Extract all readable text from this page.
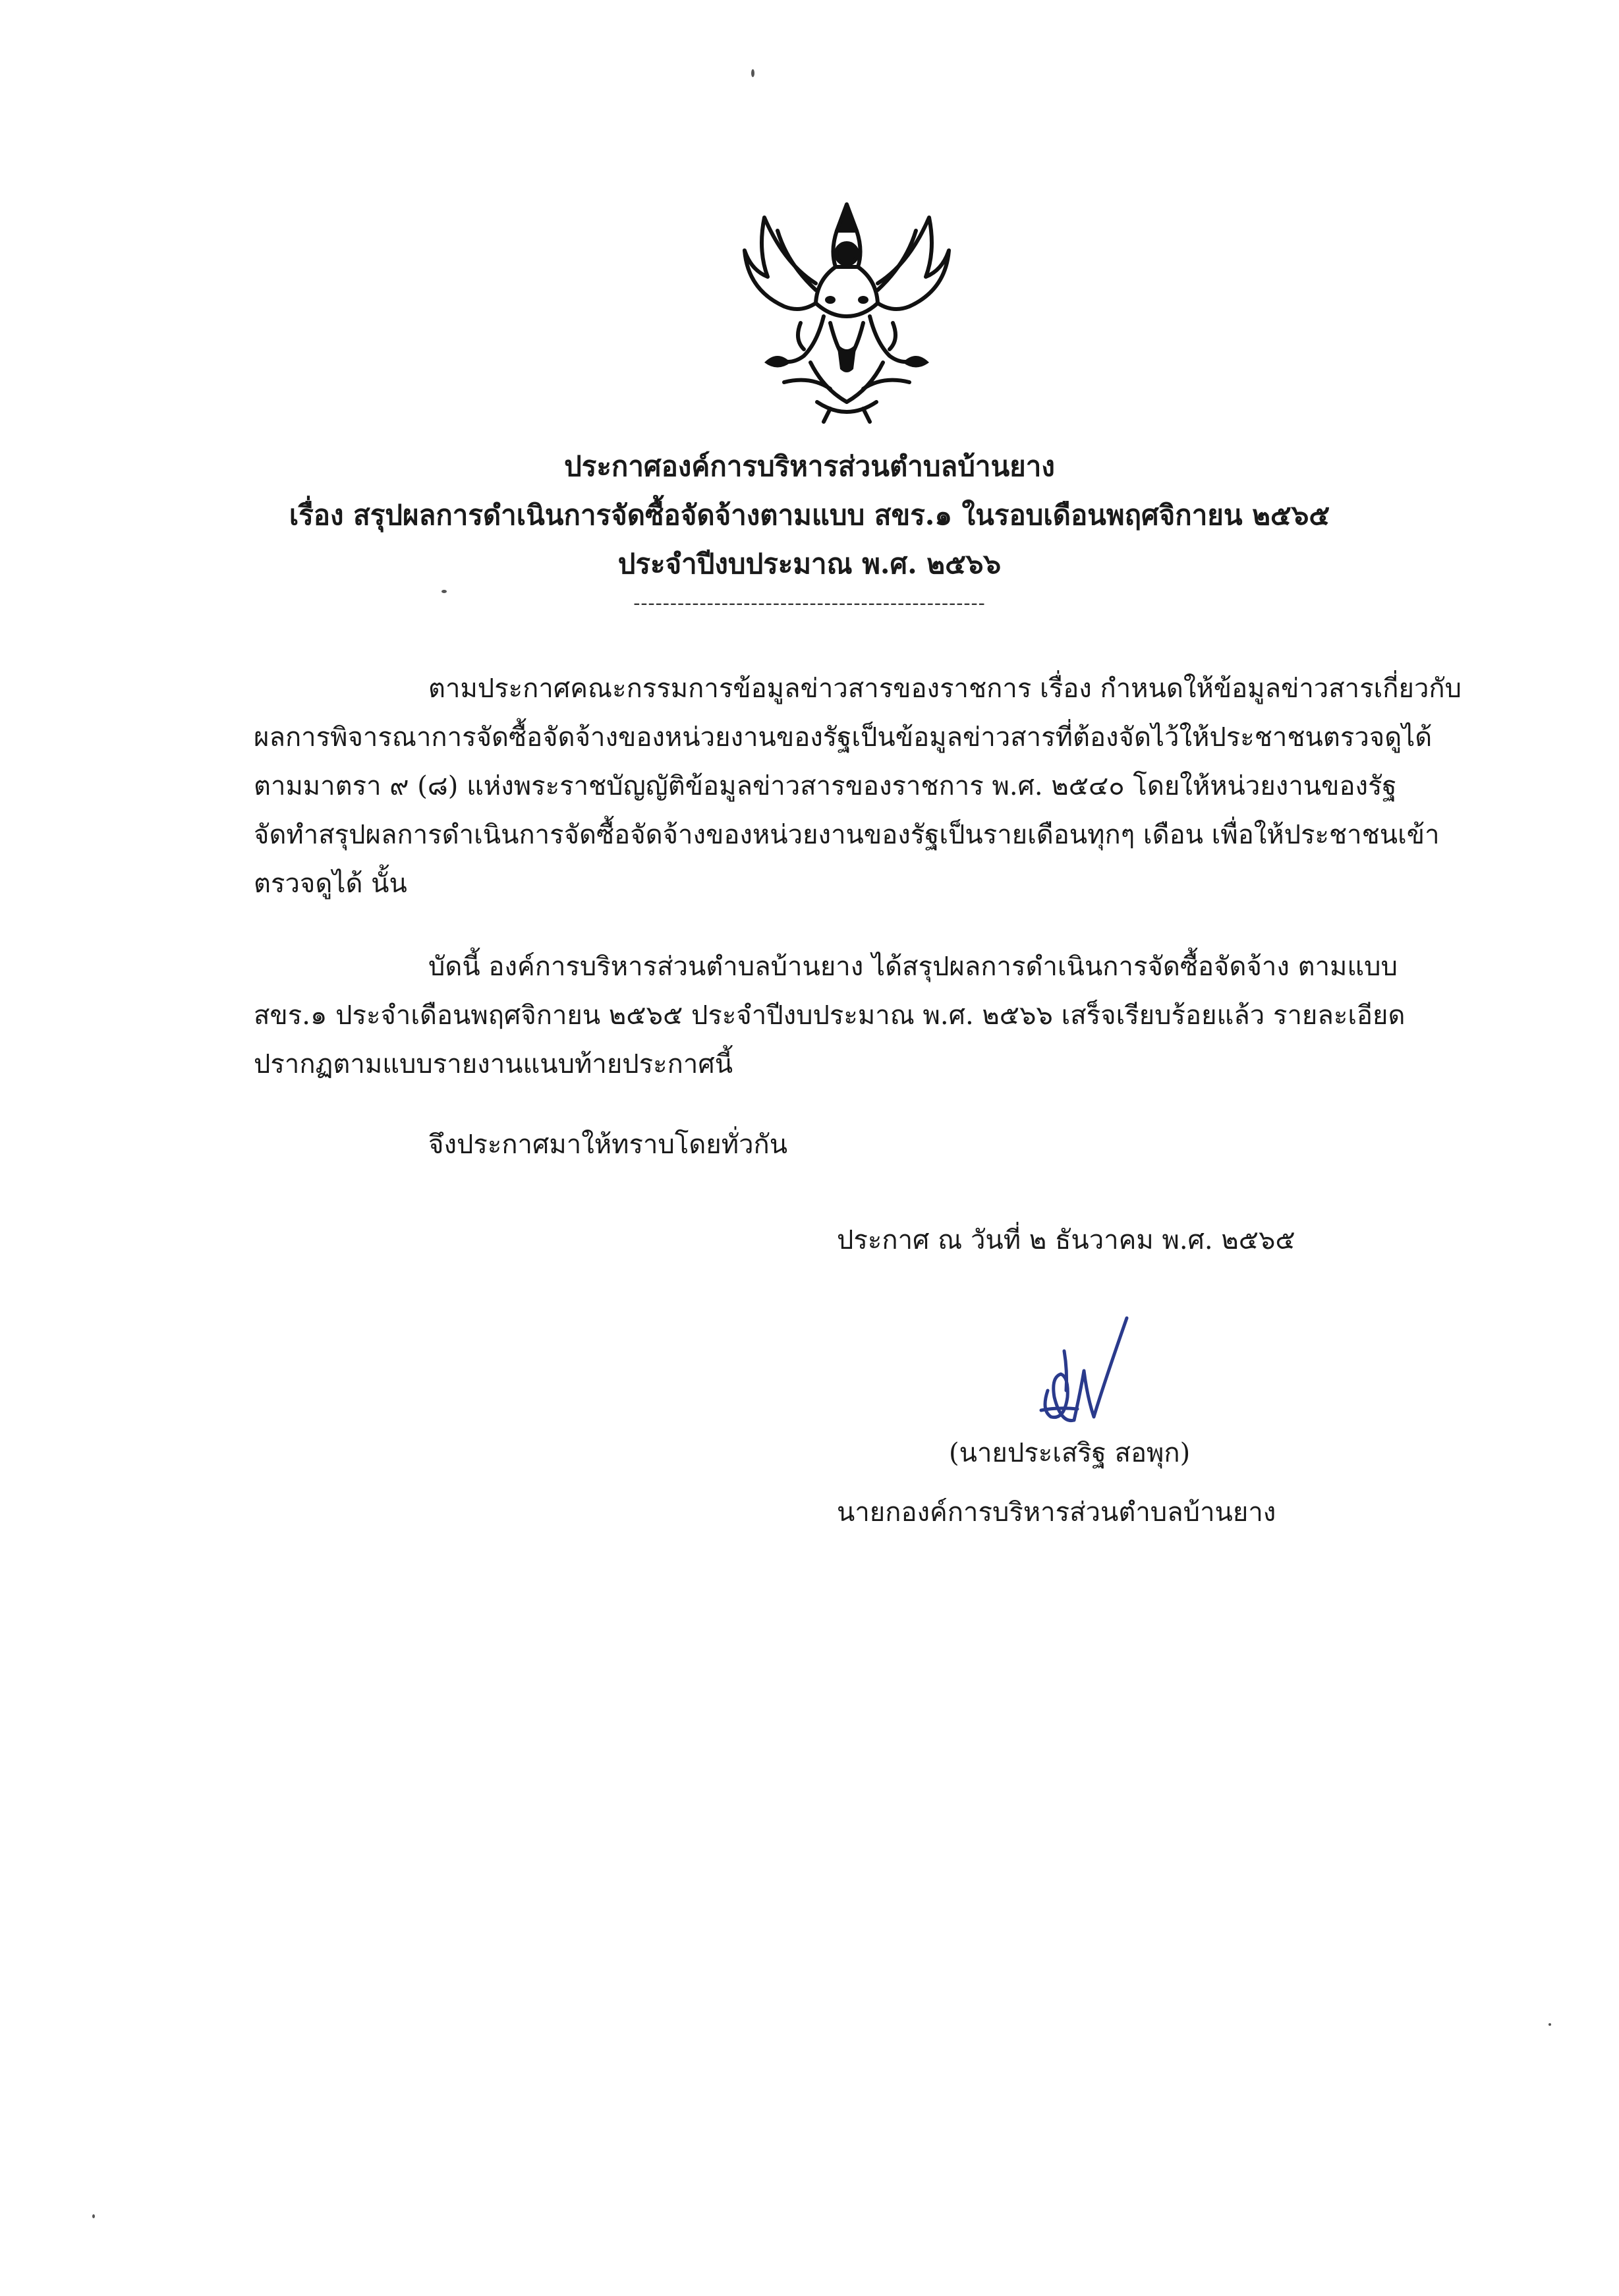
ประกาศองค์การบริหารส่วนตำบลบ้านยาง
เรื่อง สรุปผลการดำเนินการจัดซื้อจัดจ้างตามแบบ สขร.๑ ในรอบเดือนพฤศจิกายน ๒๕๖๕
ประจำปีงบประมาณ พ.ศ. ๒๕๖๖
------------------------------------------------
ตามประกาศคณะกรรมการข้อมูลข่าวสารของราชการ เรื่อง กำหนดให้ข้อมูลข่าวสารเกี่ยวกับ
ผลการพิจารณาการจัดซื้อจัดจ้างของหน่วยงานของรัฐเป็นข้อมูลข่าวสารที่ต้องจัดไว้ให้ประชาชนตรวจดูได้
ตามมาตรา ๙ (๘) แห่งพระราชบัญญัติข้อมูลข่าวสารของราชการ พ.ศ. ๒๕๔๐ โดยให้หน่วยงานของรัฐ
จัดทำสรุปผลการดำเนินการจัดซื้อจัดจ้างของหน่วยงานของรัฐเป็นรายเดือนทุกๆ เดือน เพื่อให้ประชาชนเข้า
ตรวจดูได้ นั้น
บัดนี้ องค์การบริหารส่วนตำบลบ้านยาง ได้สรุปผลการดำเนินการจัดซื้อจัดจ้าง ตามแบบ
สขร.๑ ประจำเดือนพฤศจิกายน ๒๕๖๕ ประจำปีงบประมาณ พ.ศ. ๒๕๖๖ เสร็จเรียบร้อยแล้ว รายละเอียด
ปรากฏตามแบบรายงานแนบท้ายประกาศนี้
จึงประกาศมาให้ทราบโดยทั่วกัน
ประกาศ ณ วันที่ ๒ ธันวาคม พ.ศ. ๒๕๖๕
(นายประเสริฐ สอพุก)
นายกองค์การบริหารส่วนตำบลบ้านยาง
